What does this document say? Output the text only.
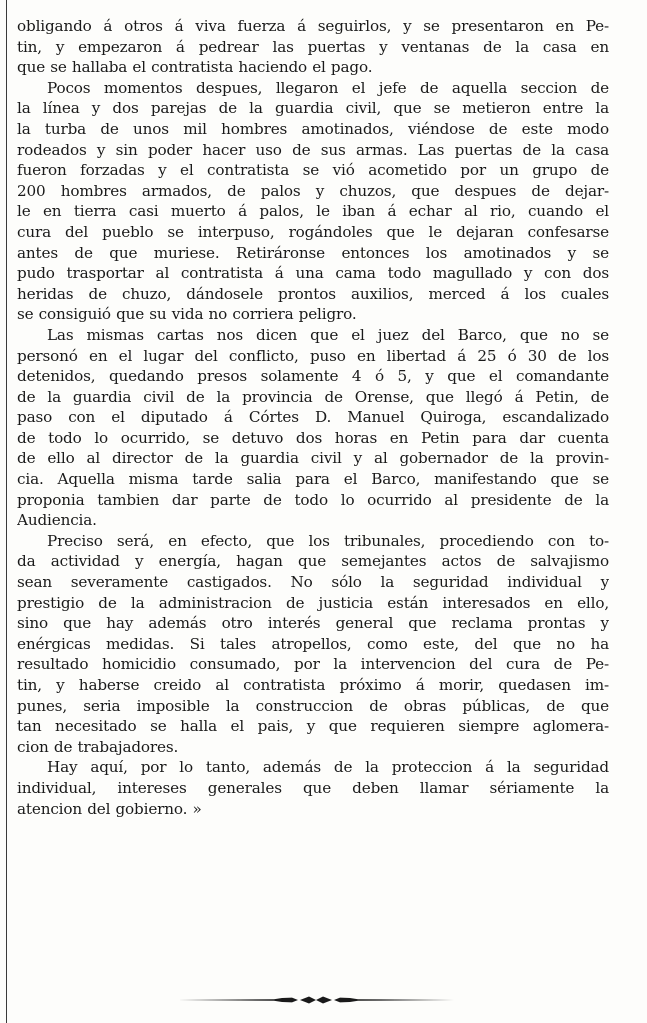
obligando á otros á viva fuerza á seguirlos, y se presentaron en Pe-
tin, y empezaron á pedrear las puertas y ventanas de la casa en
que se hallaba el contratista haciendo el pago.

Pocos momentos despues, llegaron el jefe de aquella seccion de
la línea y dos parejas de la guardia civil, que se metieron entre la
la turba de unos mil hombres amotinados, viéndose de este modo
rodeados y sin poder hacer uso de sus armas. Las puertas de la casa
fueron forzadas y el contratista se vió acometido por un grupo de
200 hombres armados, de palos y chuzos, que despues de dejar-
le en tierra casi muerto á palos, le iban á echar al rio, cuando el
cura del pueblo se interpuso, rogándoles que le dejaran confesarse
antes de que muriese. Retiráronse entonces los amotinados y se
pudo trasportar al contratista á una cama todo magullado y con dos
heridas de chuzo, dándosele prontos auxilios, merced á los cuales
se consiguió que su vida no corriera peligro.

Las mismas cartas nos dicen que el juez del Barco, que no se
personó en el lugar del conflicto, puso en libertad á 25 ó 30 de los
detenidos, quedando presos solamente 4 ó 5, y que el comandante
de la guardia civil de la provincia de Orense, que llegó á Petin, de
paso con el diputado á Córtes D. Manuel Quiroga, escandalizado
de todo lo ocurrido, se detuvo dos horas en Petin para dar cuenta
de ello al director de la guardia civil y al gobernador de la provin-
cia. Aquella misma tarde salia para el Barco, manifestando que se
proponia tambien dar parte de todo lo ocurrido al presidente de la
Audiencia.

Preciso será, en efecto, que los tribunales, procediendo con to-
da actividad y energía, hagan que semejantes actos de salvajismo
sean severamente castigados. No sólo la seguridad individual y
prestigio de la administracion de justicia están interesados en ello,
sino que hay además otro interés general que reclama prontas y
enérgicas medidas. Si tales atropellos, como este, del que no ha
resultado homicidio consumado, por la intervencion del cura de Pe-
tin, y haberse creido al contratista próximo á morir, quedasen im-
punes, seria imposible la construccion de obras públicas, de que
tan necesitado se halla el pais, y que requieren siempre aglomera-
cion de trabajadores.

Hay aquí, por lo tanto, además de la proteccion á la seguridad
individual, intereses generales que deben llamar sériamente la
atencion del gobierno. »
